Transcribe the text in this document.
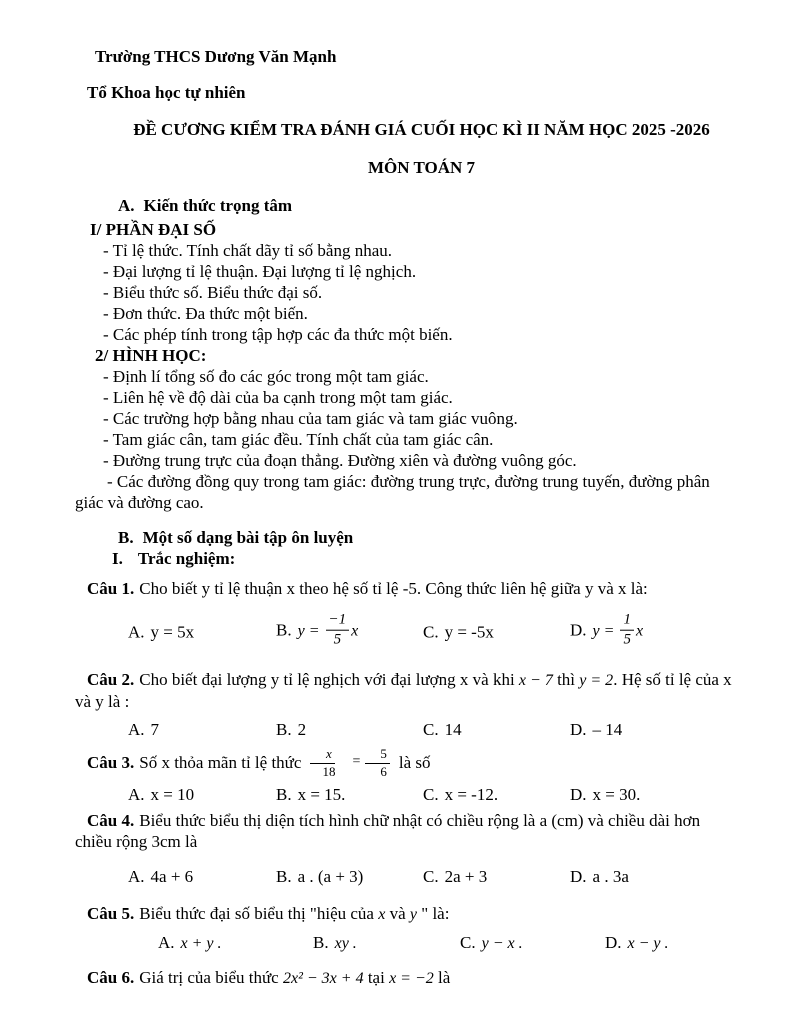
Trường THCS Dương Văn Mạnh

Tổ Khoa học tự nhiên

ĐỀ CƯƠNG KIỂM TRA ĐÁNH GIÁ CUỐI HỌC KÌ II NĂM HỌC 2025 -2026

MÔN TOÁN 7

A. Kiến thức trọng tâm

I/ PHẦN ĐẠI SỐ

- Tỉ lệ thức. Tính chất dãy tỉ số bằng nhau.

- Đại lượng tỉ lệ thuận. Đại lượng tỉ lệ nghịch.

- Biểu thức số. Biểu thức đại số.

- Đơn thức. Đa thức một biến.

- Các phép tính trong tập hợp các đa thức một biến.

2/ HÌNH HỌC:

- Định lí tổng số đo các góc trong một tam giác.

- Liên hệ về độ dài của ba cạnh trong một tam giác.

- Các trường hợp bằng nhau của tam giác và tam giác vuông.

- Tam giác cân, tam giác đều. Tính chất của tam giác cân.

- Đường trung trực của đoạn thẳng. Đường xiên và đường vuông góc.

- Các đường đồng quy trong tam giác: đường trung trực, đường trung tuyến, đường phân giác và đường cao.

B. Một số dạng bài tập ôn luyện

I. Trắc nghiệm:

Câu 1. Cho biết y tỉ lệ thuận x theo hệ số tỉ lệ -5. Công thức liên hệ giữa y và x là:

A. y = 5x	B. $y = \frac{-1}{5}$ x	C. y = -5x	D. $y = \frac{1}{5}$ x

Câu 2. Cho biết đại lượng y tỉ lệ nghịch với đại lượng x và khi x − 7 thì y = 2. Hệ số tỉ lệ của x và y là :

A. 7	B. 2	C. 14	D. – 14

Câu 3. Số x thỏa mãn tỉ lệ thức $\frac{x}{18} = \frac{5}{6}$ là số

A. x = 10	B. x = 15.	C. x = -12.	D. x = 30.

Câu 4. Biểu thức biểu thị diện tích hình chữ nhật có chiều rộng là a (cm) và chiều dài hơn chiều rộng 3cm là

A. 4a + 6	B. a . (a + 3)	C. 2a + 3	D. a . 3a

Câu 5. Biểu thức đại số biểu thị "hiệu của x và y " là:

A. x + y .	B. xy .	C. y − x .	D. x − y .

Câu 6. Giá trị của biểu thức 2x² − 3x + 4 tại x = −2 là
